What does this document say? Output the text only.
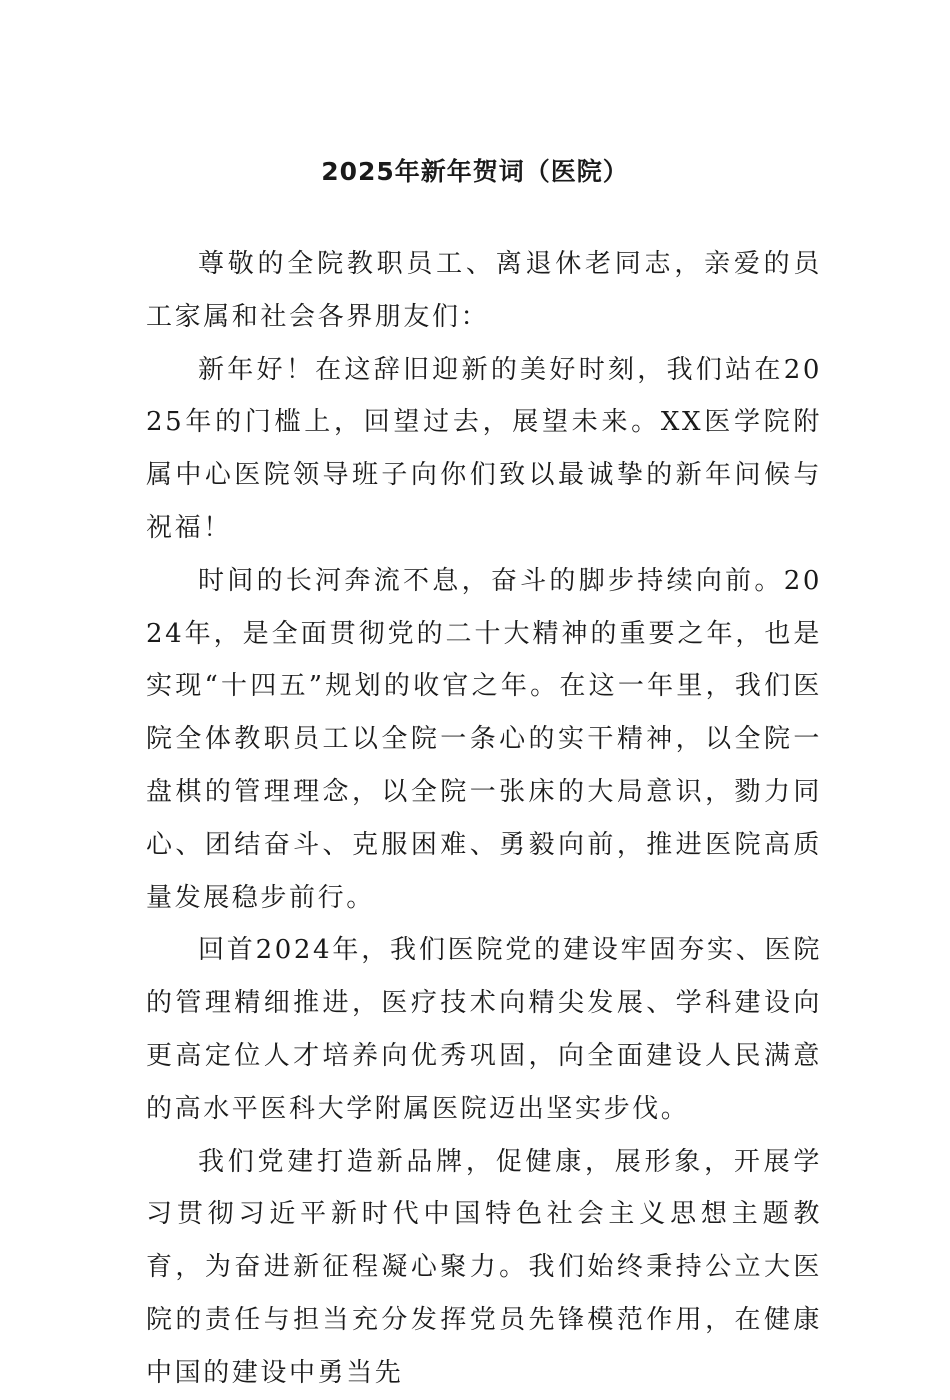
2025年新年贺词（医院）

尊敬的全院教职员工、离退休老同志，亲爱的员工家属和社会各界朋友们：

新年好！在这辞旧迎新的美好时刻，我们站在2025年的门槛上，回望过去，展望未来。XX医学院附属中心医院领导班子向你们致以最诚挚的新年问候与祝福！

时间的长河奔流不息，奋斗的脚步持续向前。2024年，是全面贯彻党的二十大精神的重要之年，也是实现“十四五”规划的收官之年。在这一年里，我们医院全体教职员工以全院一条心的实干精神，以全院一盘棋的管理理念，以全院一张床的大局意识，勠力同心、团结奋斗、克服困难、勇毅向前，推进医院高质量发展稳步前行。

回首2024年，我们医院党的建设牢固夯实、医院的管理精细推进，医疗技术向精尖发展、学科建设向更高定位人才培养向优秀巩固，向全面建设人民满意的高水平医科大学附属医院迈出坚实步伐。

我们党建打造新品牌，促健康，展形象，开展学习贯彻习近平新时代中国特色社会主义思想主题教育，为奋进新征程凝心聚力。我们始终秉持公立大医院的责任与担当充分发挥党员先锋模范作用，在健康中国的建设中勇当先
